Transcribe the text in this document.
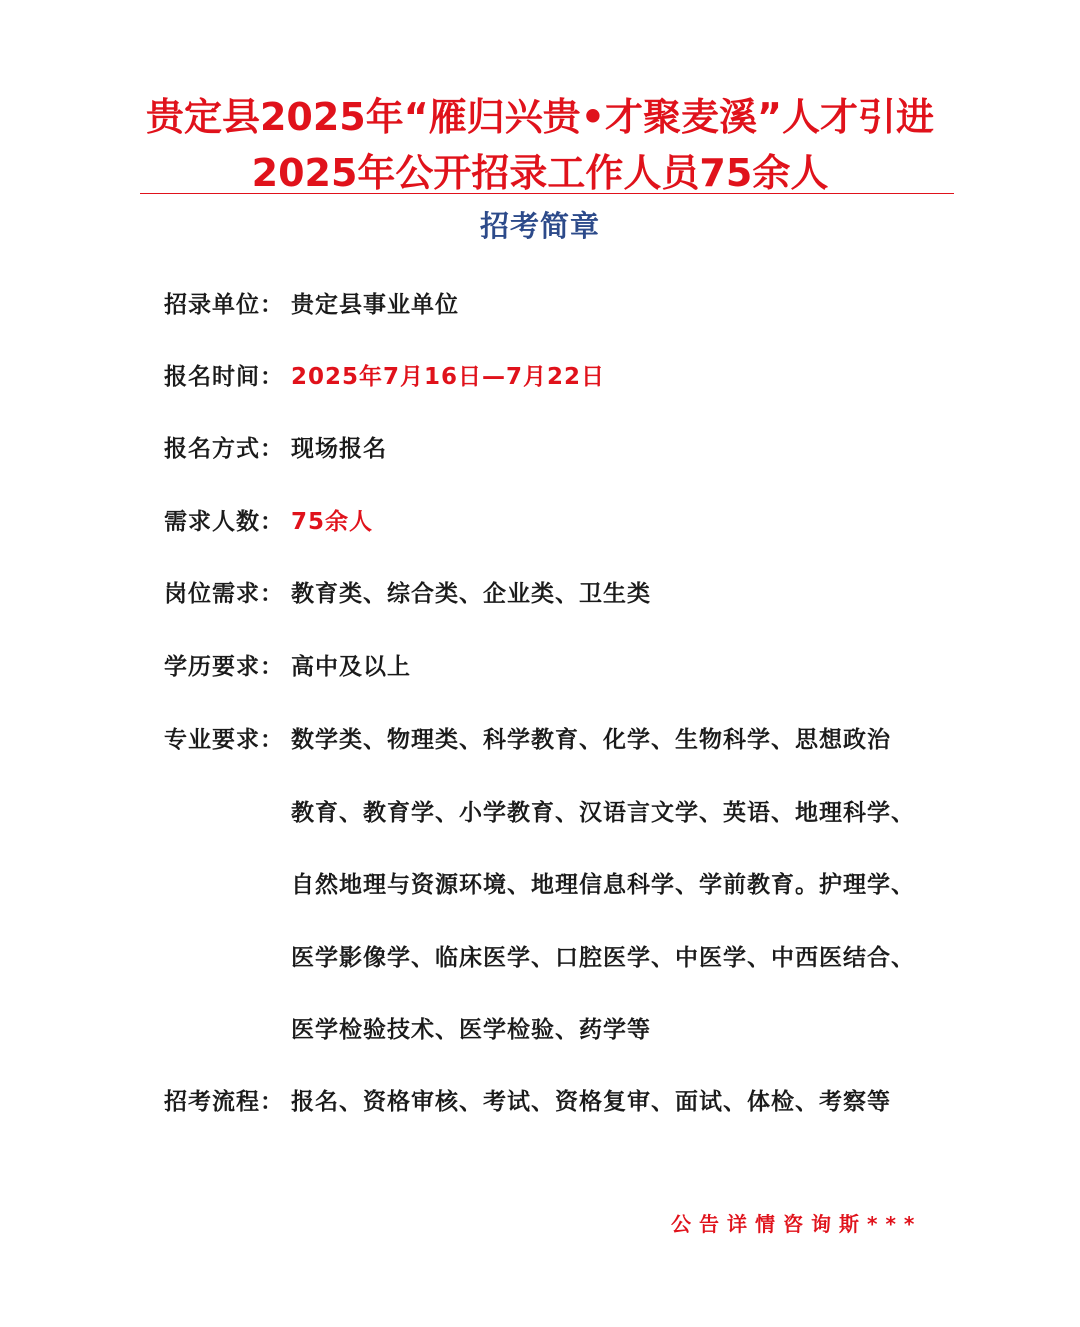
贵定县2025年“雁归兴贵•才聚麦溪”人才引进
2025年公开招录工作人员75余人
招考简章
招录单位： 贵定县事业单位
报名时间： 2025年7月16日—7月22日
报名方式： 现场报名
需求人数： 75余人
岗位需求： 教育类、综合类、企业类、卫生类
学历要求： 高中及以上
专业要求： 数学类、物理类、科学教育、化学、生物科学、思想政治
教育、教育学、小学教育、汉语言文学、英语、地理科学、
自然地理与资源环境、地理信息科学、学前教育。护理学、
医学影像学、临床医学、口腔医学、中医学、中西医结合、
医学检验技术、医学检验、药学等
招考流程： 报名、资格审核、考试、资格复审、面试、体检、考察等
公告详情咨询斯***
